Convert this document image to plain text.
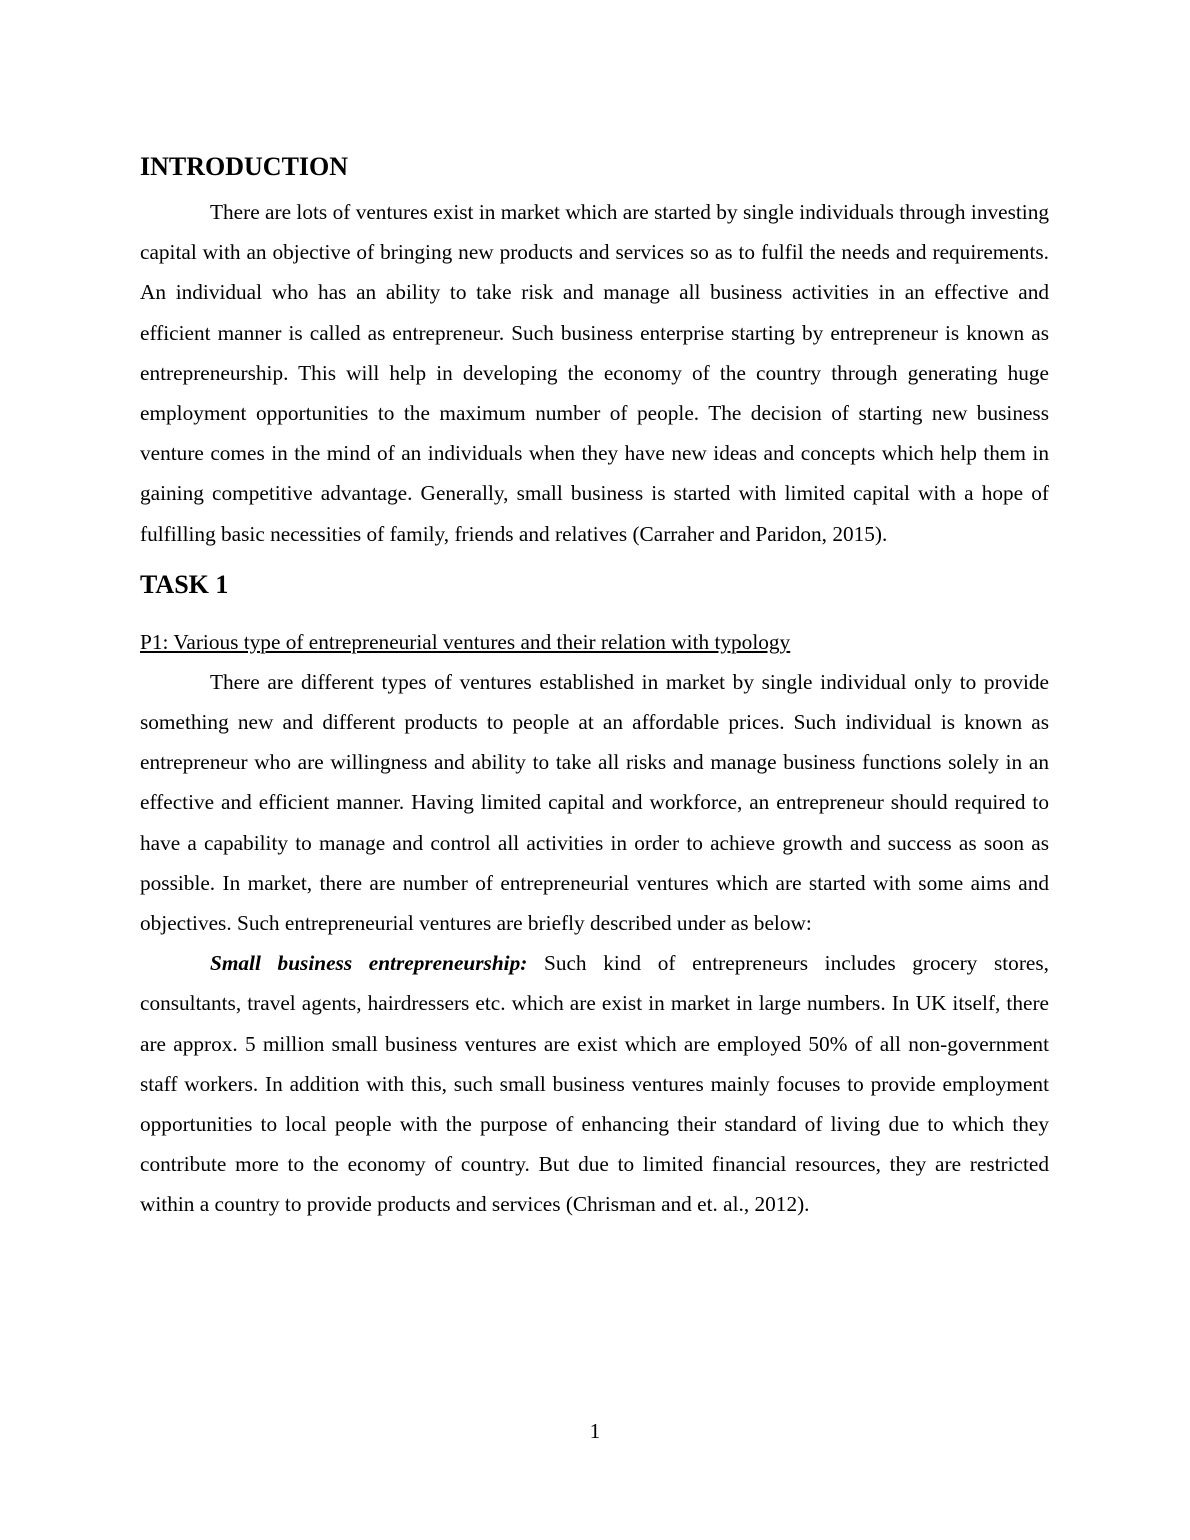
INTRODUCTION

There are lots of ventures exist in market which are started by single individuals through investing capital with an objective of bringing new products and services so as to fulfil the needs and requirements. An individual who has an ability to take risk and manage all business activities in an effective and efficient manner is called as entrepreneur. Such business enterprise starting by entrepreneur is known as entrepreneurship. This will help in developing the economy of the country through generating huge employment opportunities to the maximum number of people. The decision of starting new business venture comes in the mind of an individuals when they have new ideas and concepts which help them in gaining competitive advantage. Generally, small business is started with limited capital with a hope of fulfilling basic necessities of family, friends and relatives (Carraher and Paridon, 2015).

TASK 1

P1: Various type of entrepreneurial ventures and their relation with typology

There are different types of ventures established in market by single individual only to provide something new and different products to people at an affordable prices. Such individual is known as entrepreneur who are willingness and ability to take all risks and manage business functions solely in an effective and efficient manner. Having limited capital and workforce, an entrepreneur should required to have a capability to manage and control all activities in order to achieve growth and success as soon as possible. In market, there are number of entrepreneurial ventures which are started with some aims and objectives. Such entrepreneurial ventures are briefly described under as below:

Small business entrepreneurship: Such kind of entrepreneurs includes grocery stores, consultants, travel agents, hairdressers etc. which are exist in market in large numbers. In UK itself, there are approx. 5 million small business ventures are exist which are employed 50% of all non-government staff workers. In addition with this, such small business ventures mainly focuses to provide employment opportunities to local people with the purpose of enhancing their standard of living due to which they contribute more to the economy of country. But due to limited financial resources, they are restricted within a country to provide products and services (Chrisman and et. al., 2012).

1
